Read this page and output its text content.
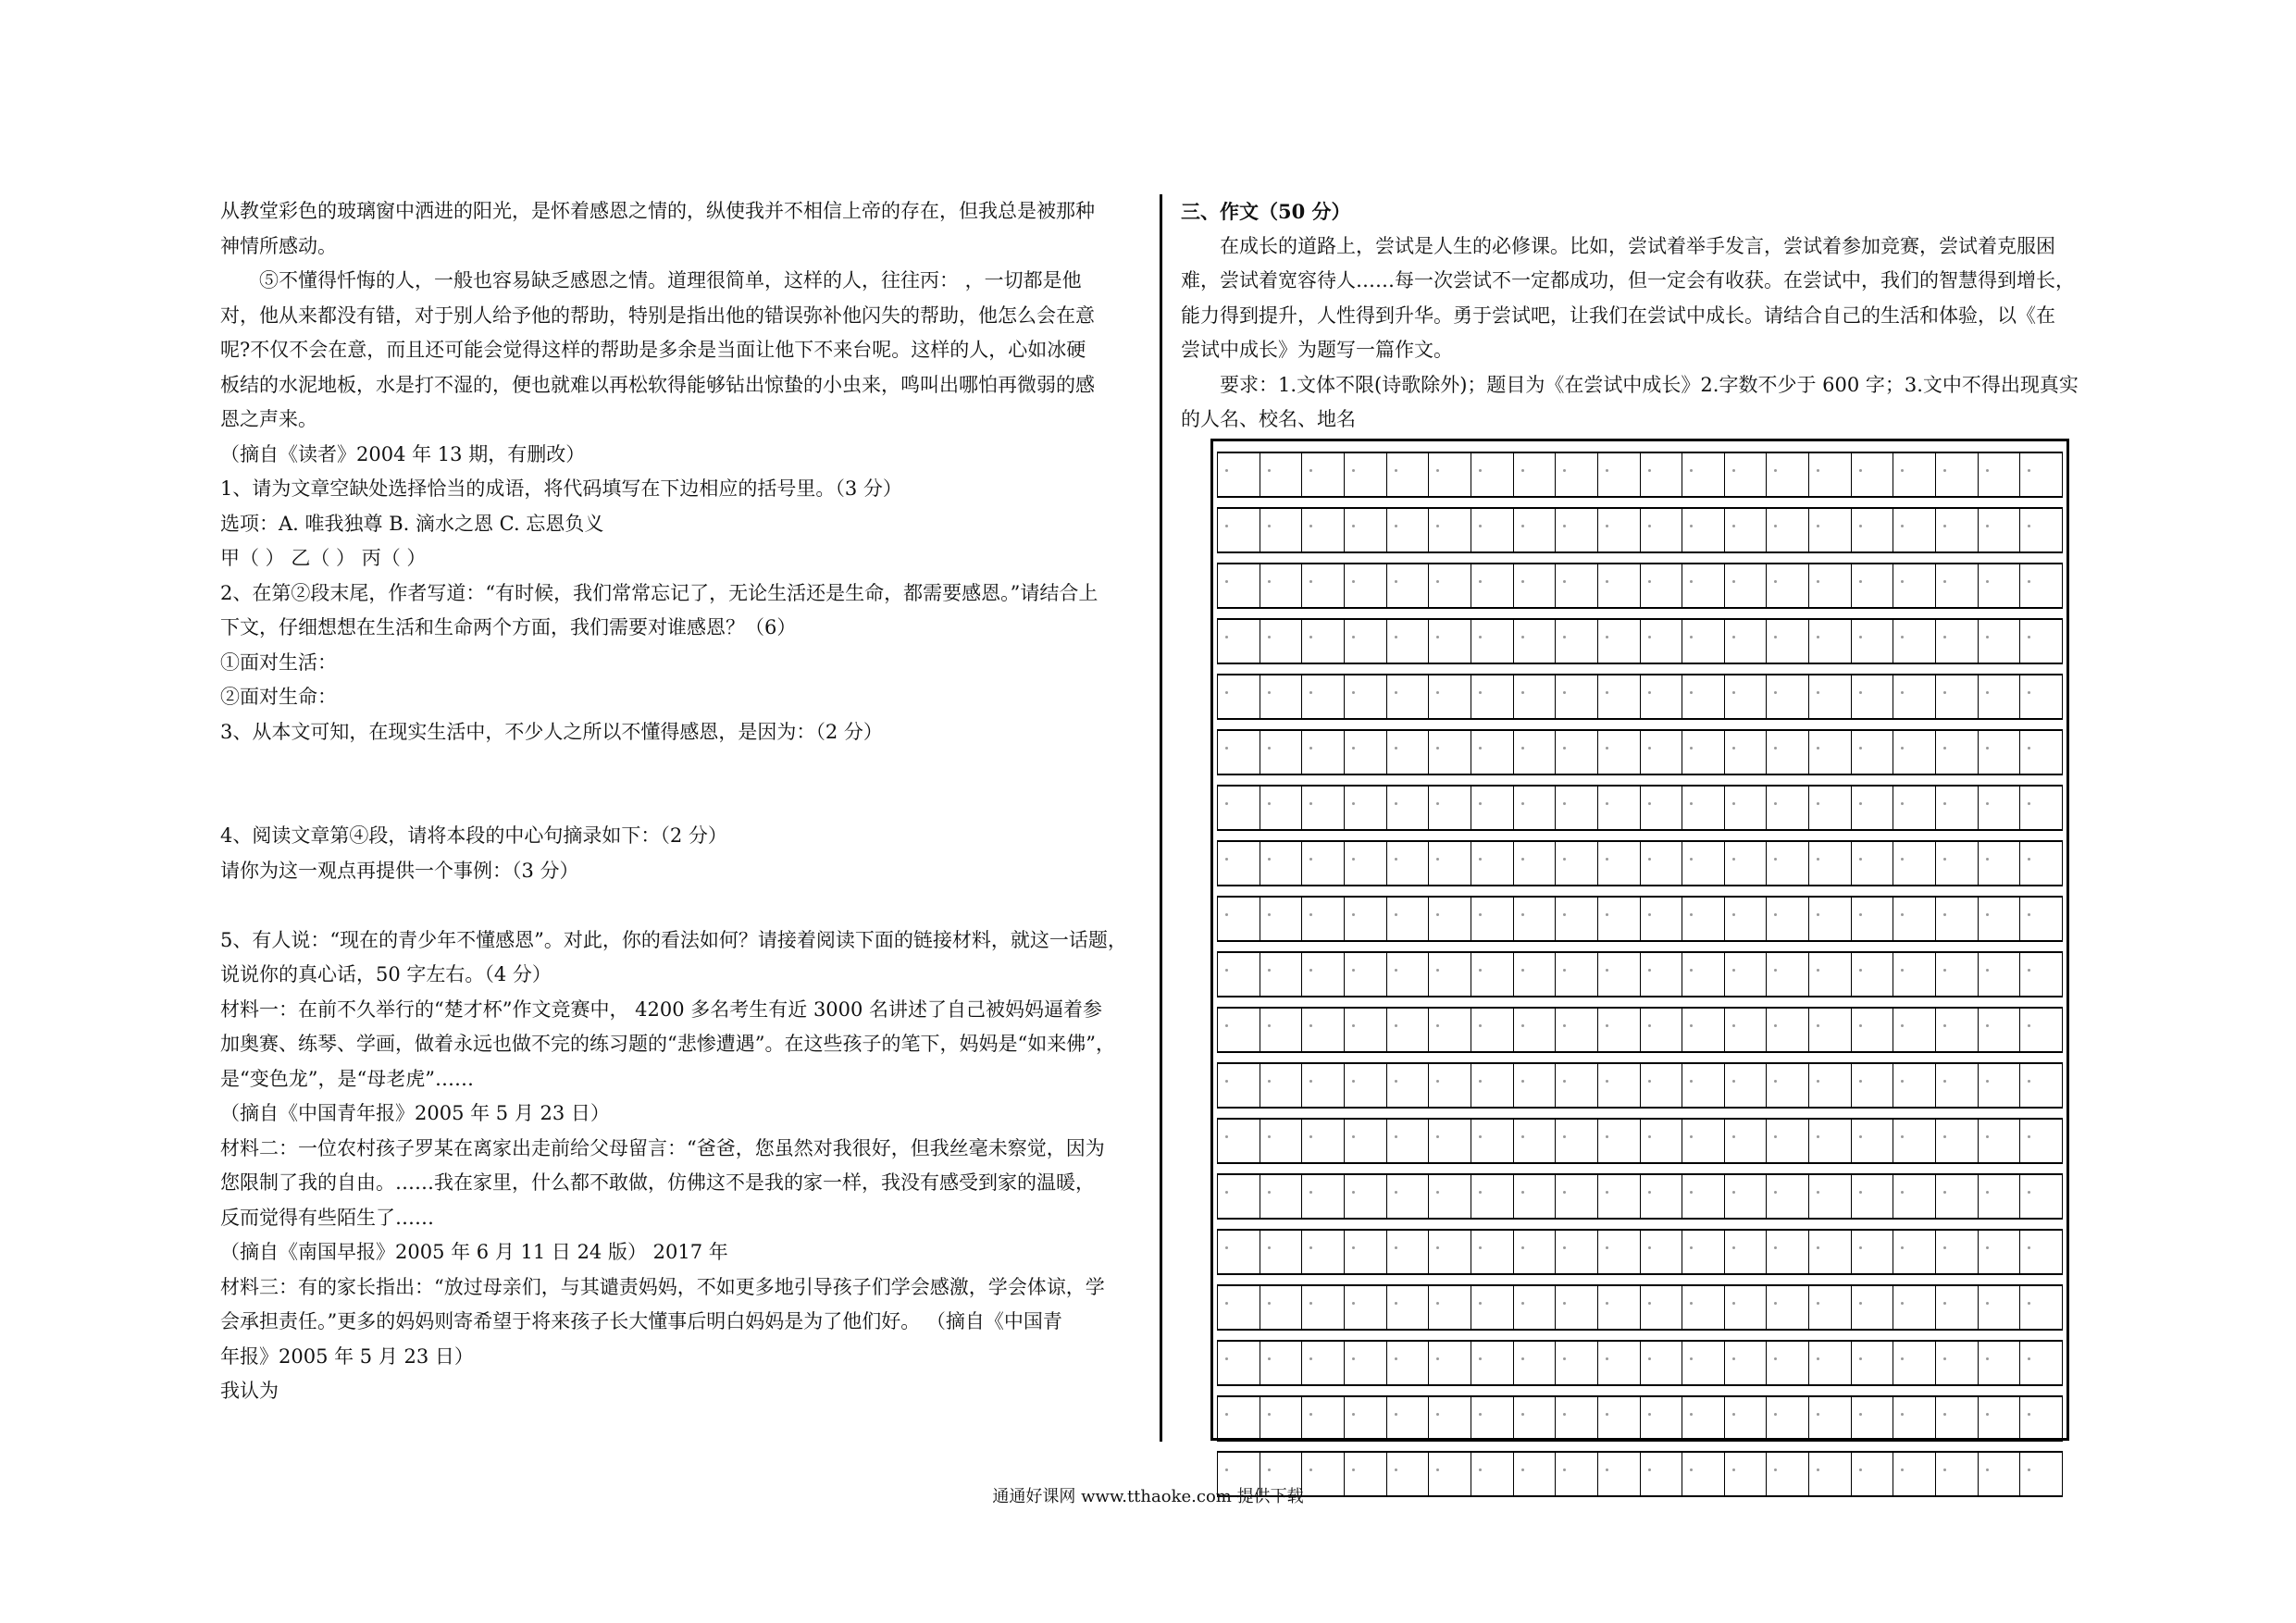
从教堂彩色的玻璃窗中洒进的阳光，是怀着感恩之情的，纵使我并不相信上帝的存在，但我总是被那种

神情所感动。

⑤不懂得忏悔的人，一般也容易缺乏感恩之情。道理很简单，这样的人，往往丙： ，一切都是他

对，他从来都没有错，对于别人给予他的帮助，特别是指出他的错误弥补他闪失的帮助，他怎么会在意

呢?不仅不会在意，而且还可能会觉得这样的帮助是多余是当面让他下不来台呢。这样的人，心如冰硬

板结的水泥地板，水是打不湿的，便也就难以再松软得能够钻出惊蛰的小虫来，鸣叫出哪怕再微弱的感

恩之声来。

（摘自《读者》2004 年 13 期，有删改）

1、请为文章空缺处选择恰当的成语，将代码填写在下边相应的括号里。（3 分）

选项：A. 唯我独尊 B. 滴水之恩 C. 忘恩负义

甲（ ） 乙（ ） 丙（ ）

2、在第②段末尾，作者写道：“有时候，我们常常忘记了，无论生活还是生命，都需要感恩。”请结合上

下文，仔细想想在生活和生命两个方面，我们需要对谁感恩？（6）

①面对生活：

②面对生命：

3、从本文可知，在现实生活中，不少人之所以不懂得感恩，是因为：（2 分）

4、阅读文章第④段，请将本段的中心句摘录如下：（2 分）

请你为这一观点再提供一个事例：（3 分）

5、有人说：“现在的青少年不懂感恩”。对此，你的看法如何？请接着阅读下面的链接材料，就这一话题，

说说你的真心话，50 字左右。（4 分）

材料一：在前不久举行的“楚才杯”作文竞赛中， 4200 多名考生有近 3000 名讲述了自己被妈妈逼着参

加奥赛、练琴、学画，做着永远也做不完的练习题的“悲惨遭遇”。在这些孩子的笔下，妈妈是“如来佛”，

是“变色龙”，是“母老虎”……

（摘自《中国青年报》2005 年 5 月 23 日）

材料二：一位农村孩子罗某在离家出走前给父母留言：“爸爸，您虽然对我很好，但我丝毫未察觉，因为

您限制了我的自由。……我在家里，什么都不敢做，仿佛这不是我的家一样，我没有感受到家的温暖，

反而觉得有些陌生了……

（摘自《南国早报》2005 年 6 月 11 日 24 版） 2017 年

材料三：有的家长指出：“放过母亲们，与其谴责妈妈，不如更多地引导孩子们学会感激，学会体谅，学

会承担责任。”更多的妈妈则寄希望于将来孩子长大懂事后明白妈妈是为了他们好。 （摘自《中国青

年报》2005 年 5 月 23 日）

我认为

三、作文（50 分）

在成长的道路上，尝试是人生的必修课。比如，尝试着举手发言，尝试着参加竞赛，尝试着克服困

难，尝试着宽容待人……每一次尝试不一定都成功，但一定会有收获。在尝试中，我们的智慧得到增长，

能力得到提升，人性得到升华。勇于尝试吧，让我们在尝试中成长。请结合自己的生活和体验，以《在

尝试中成长》为题写一篇作文。

要求：1.文体不限(诗歌除外)；题目为《在尝试中成长》2.字数不少于 600 字；3.文中不得出现真实

的人名、校名、地名

通通好课网 www.tthaoke.com 提供下载
